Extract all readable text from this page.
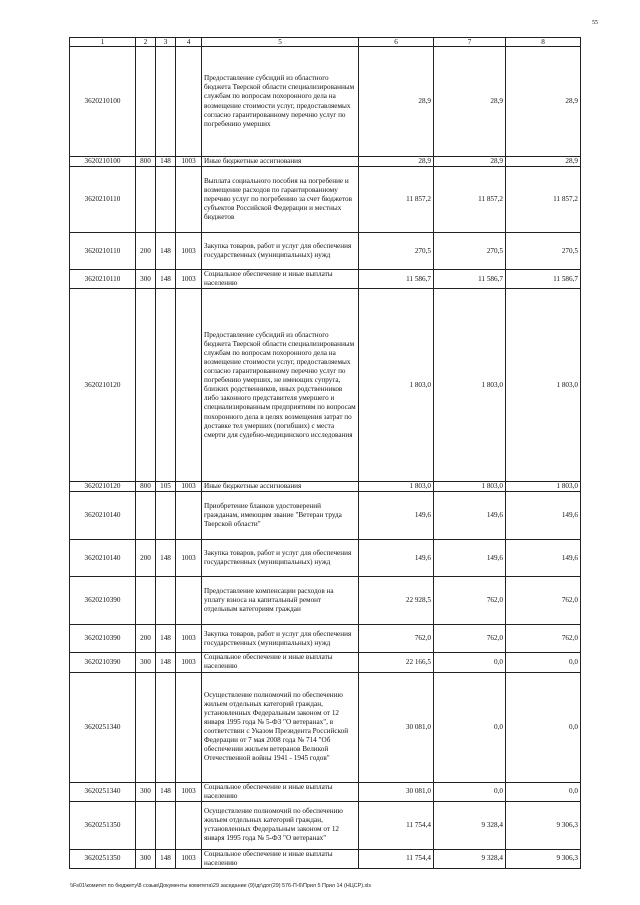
55
1	2	3	4	5	6	7	8
3620210100				Предоставление субсидий из областного бюджета Тверской области специализированным службам по вопросам похоронного дела на возмещение стоимости услуг, предоставляемых согласно гарантированному перечню услуг по погребению умерших	28,9	28,9	28,9
3620210100	800	148	1003	Иные бюджетные ассигнования	28,9	28,9	28,9
3620210110				Выплата социального пособия на погребение и возмещение расходов по гарантированному перечню услуг по погребению за счет бюджетов субъектов Российской Федерации и местных бюджетов	11 857,2	11 857,2	11 857,2
3620210110	200	148	1003	Закупка товаров, работ и услуг для обеспечения государственных (муниципальных) нужд	270,5	270,5	270,5
3620210110	300	148	1003	Социальное обеспечение и иные выплаты населению	11 586,7	11 586,7	11 586,7
3620210120				Предоставление субсидий из областного бюджета Тверской области специализированным службам по вопросам похоронного дела на возмещение стоимости услуг, предоставляемых согласно гарантированному перечню услуг по погребению умерших, не имеющих супруга, близких родственников, иных родственников либо законного представителя умершего и специализированным предприятиям по вопросам похоронного дела в целях возмещения затрат по доставке тел умерших (погибших) с места смерти для судебно-медицинского исследования	1 803,0	1 803,0	1 803,0
3620210120	800	105	1003	Иные бюджетные ассигнования	1 803,0	1 803,0	1 803,0
3620210140				Приобретение бланков удостоверений гражданам, имеющим звание "Ветеран труда Тверской области"	149,6	149,6	149,6
3620210140	200	148	1003	Закупка товаров, работ и услуг для обеспечения государственных (муниципальных) нужд	149,6	149,6	149,6
3620210390				Предоставление компенсации расходов на уплату взноса на капитальный ремонт отдельным категориям граждан	22 928,5	762,0	762,0
3620210390	200	148	1003	Закупка товаров, работ и услуг для обеспечения государственных (муниципальных) нужд	762,0	762,0	762,0
3620210390	300	148	1003	Социальное обеспечение и иные выплаты населению	22 166,5	0,0	0,0
3620251340				Осуществление полномочий по обеспечению жильем отдельных категорий граждан, установленных Федеральным законом от 12 января 1995 года № 5-ФЗ "О ветеранах", в соответствии с Указом Президента Российской Федерации от 7 мая 2008 года № 714 "Об обеспечении жильем ветеранов Великой Отечественной войны 1941 - 1945 годов"	30 081,0	0,0	0,0
3620251340	300	148	1003	Социальное обеспечение и иные выплаты населению	30 081,0	0,0	0,0
3620251350				Осуществление полномочий по обеспечению жильем отдельных категорий граждан, установленных Федеральным законом от 12 января 1995 года № 5-ФЗ "О ветеранах"	11 754,4	9 328,4	9 306,3
3620251350	300	148	1003	Социальное обеспечение и иные выплаты населению	11 754,4	9 328,4	9 306,3
\\Fs01\комитет по бюджету\8 созыв\Документы комитета\29 заседание (9)\дг\дог(29) 576-П-6\Прил 5 Прил 14 (НЦСР).xls
